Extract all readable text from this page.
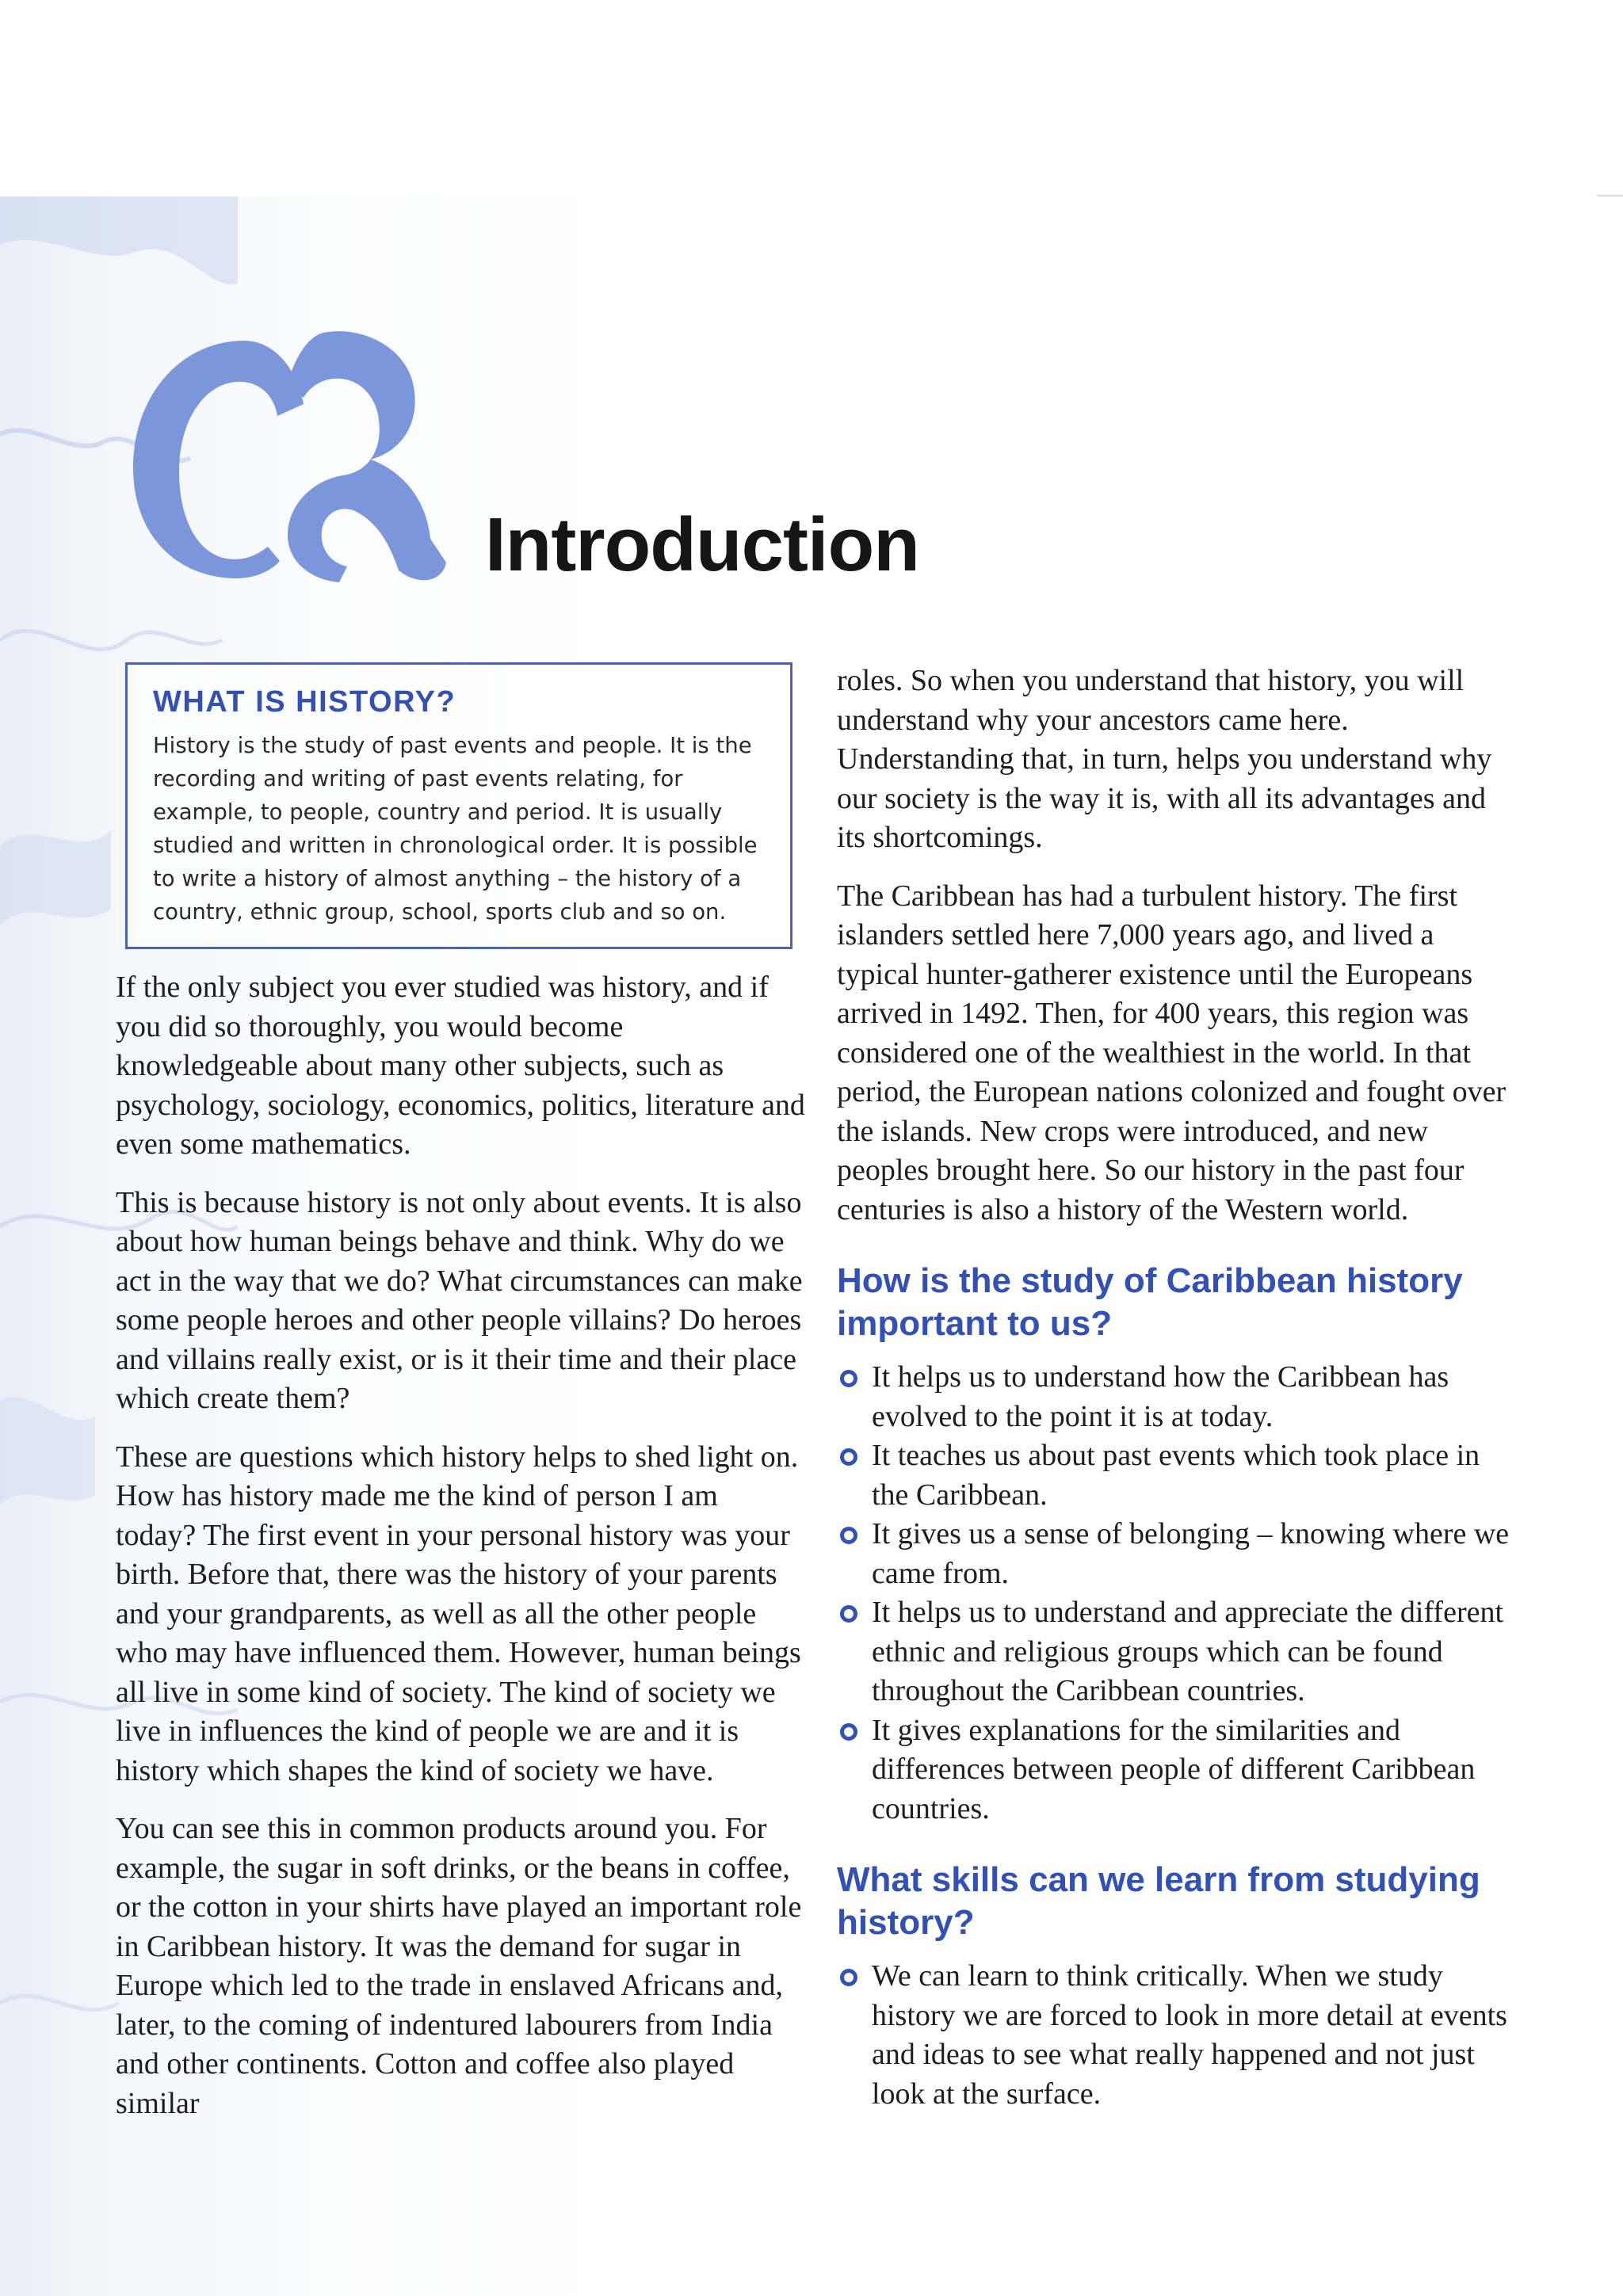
Introduction
WHAT IS HISTORY?

History is the study of past events and people. It is the recording and writing of past events relating, for example, to people, country and period. It is usually studied and written in chronological order. It is possible to write a history of almost anything – the history of a country, ethnic group, school, sports club and so on.

If the only subject you ever studied was history, and if you did so thoroughly, you would become knowledgeable about many other subjects, such as psychology, sociology, economics, politics, literature and even some mathematics.

This is because history is not only about events. It is also about how human beings behave and think. Why do we act in the way that we do? What circumstances can make some people heroes and other people villains? Do heroes and villains really exist, or is it their time and their place which create them?

These are questions which history helps to shed light on. How has history made me the kind of person I am today? The first event in your personal history was your birth. Before that, there was the history of your parents and your grandparents, as well as all the other people who may have influenced them. However, human beings all live in some kind of society. The kind of society we live in influences the kind of people we are and it is history which shapes the kind of society we have.

You can see this in common products around you. For example, the sugar in soft drinks, or the beans in coffee, or the cotton in your shirts have played an important role in Caribbean history. It was the demand for sugar in Europe which led to the trade in enslaved Africans and, later, to the coming of indentured labourers from India and other continents. Cotton and coffee also played similar

roles. So when you understand that history, you will understand why your ancestors came here. Understanding that, in turn, helps you understand why our society is the way it is, with all its advantages and its shortcomings.

The Caribbean has had a turbulent history. The first islanders settled here 7,000 years ago, and lived a typical hunter-gatherer existence until the Europeans arrived in 1492. Then, for 400 years, this region was considered one of the wealthiest in the world. In that period, the European nations colonized and fought over the islands. New crops were introduced, and new peoples brought here. So our history in the past four centuries is also a history of the Western world.

How is the study of Caribbean history important to us?
It helps us to understand how the Caribbean has evolved to the point it is at today.
It teaches us about past events which took place in the Caribbean.
It gives us a sense of belonging – knowing where we came from.
It helps us to understand and appreciate the different ethnic and religious groups which can be found throughout the Caribbean countries.
It gives explanations for the similarities and differences between people of different Caribbean countries.
What skills can we learn from studying history?
We can learn to think critically. When we study history we are forced to look in more detail at events and ideas to see what really happened and not just look at the surface.
